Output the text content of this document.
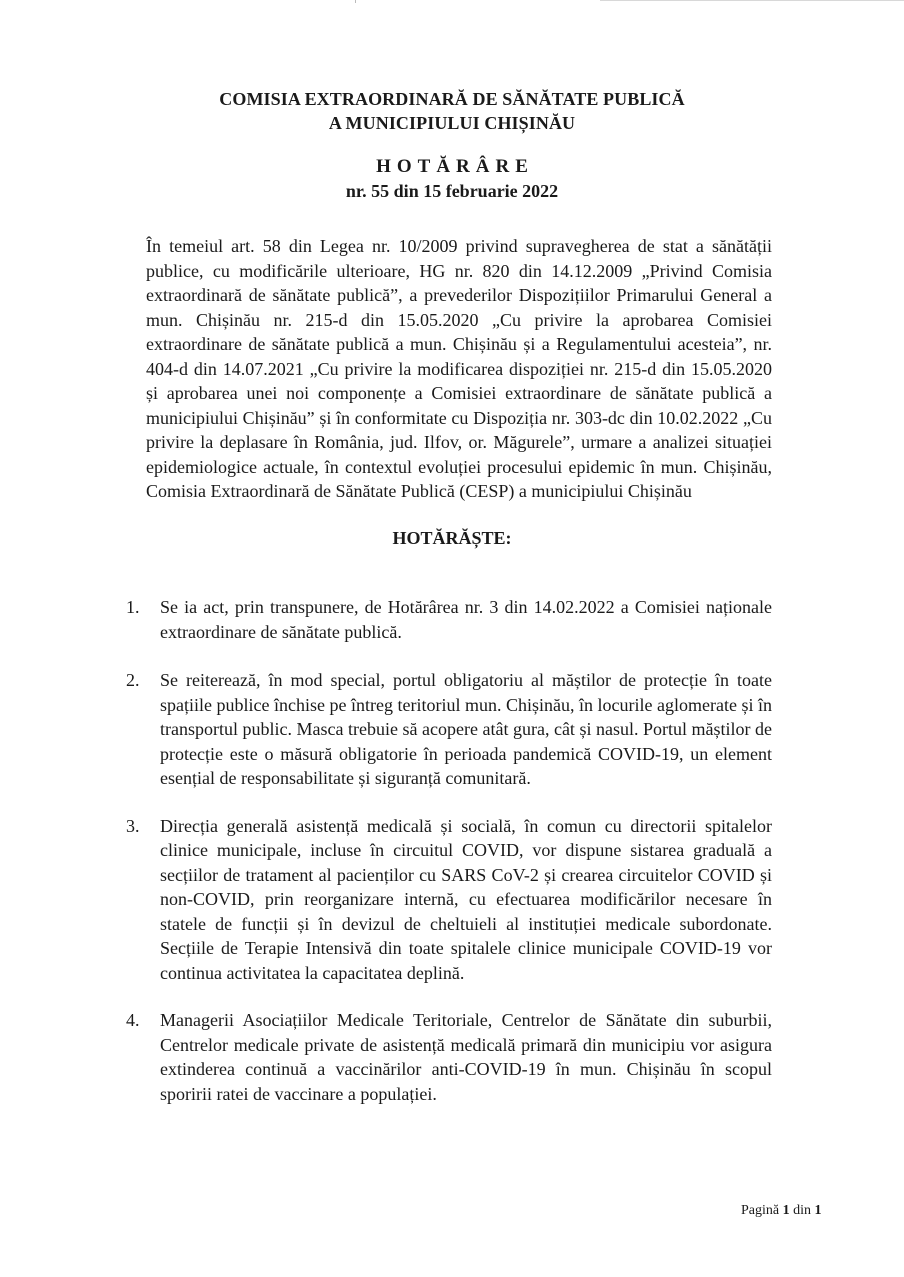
COMISIA EXTRAORDINARĂ DE SĂNĂTATE PUBLICĂ
A MUNICIPIULUI CHIȘINĂU
HOTĂRÂRE
nr. 55 din 15 februarie 2022
În temeiul art. 58 din Legea nr. 10/2009 privind supravegherea de stat a sănătății publice, cu modificările ulterioare, HG nr. 820 din 14.12.2009 „Privind Comisia extraordinară de sănătate publică”, a prevederilor Dispozițiilor Primarului General a mun. Chișinău nr. 215-d din 15.05.2020 „Cu privire la aprobarea Comisiei extraordinare de sănătate publică a mun. Chișinău și a Regulamentului acesteia”, nr. 404-d din 14.07.2021 „Cu privire la modificarea dispoziției nr. 215-d din 15.05.2020 și aprobarea unei noi componențe a Comisiei extraordinare de sănătate publică a municipiului Chișinău” și în conformitate cu Dispoziția nr. 303-dc din 10.02.2022 „Cu privire la deplasare în România, jud. Ilfov, or. Măgurele”, urmare a analizei situației epidemiologice actuale, în contextul evoluției procesului epidemic în mun. Chișinău, Comisia Extraordinară de Sănătate Publică (CESP) a municipiului Chișinău
HOTĂRĂȘTE:
1.	Se ia act, prin transpunere, de Hotărârea nr. 3 din 14.02.2022 a Comisiei naționale extraordinare de sănătate publică.
2.	Se reiterează, în mod special, portul obligatoriu al măștilor de protecție în toate spațiile publice închise pe întreg teritoriul mun. Chișinău, în locurile aglomerate și în transportul public. Masca trebuie să acopere atât gura, cât și nasul. Portul măștilor de protecție este o măsură obligatorie în perioada pandemică COVID-19, un element esențial de responsabilitate și siguranță comunitară.
3.	Direcția generală asistență medicală și socială, în comun cu directorii spitalelor clinice municipale, incluse în circuitul COVID, vor dispune sistarea graduală a secțiilor de tratament al pacienților cu SARS CoV-2 și crearea circuitelor COVID și non-COVID, prin reorganizare internă, cu efectuarea modificărilor necesare în statele de funcții și în devizul de cheltuieli al instituției medicale subordonate. Secțiile de Terapie Intensivă din toate spitalele clinice municipale COVID-19 vor continua activitatea la capacitatea deplină.
4.	Managerii Asociațiilor Medicale Teritoriale, Centrelor de Sănătate din suburbii, Centrelor medicale private de asistență medicală primară din municipiu vor asigura extinderea continuă a vaccinărilor anti-COVID-19 în mun. Chișinău în scopul sporirii ratei de vaccinare a populației.
Pagină 1 din 1
